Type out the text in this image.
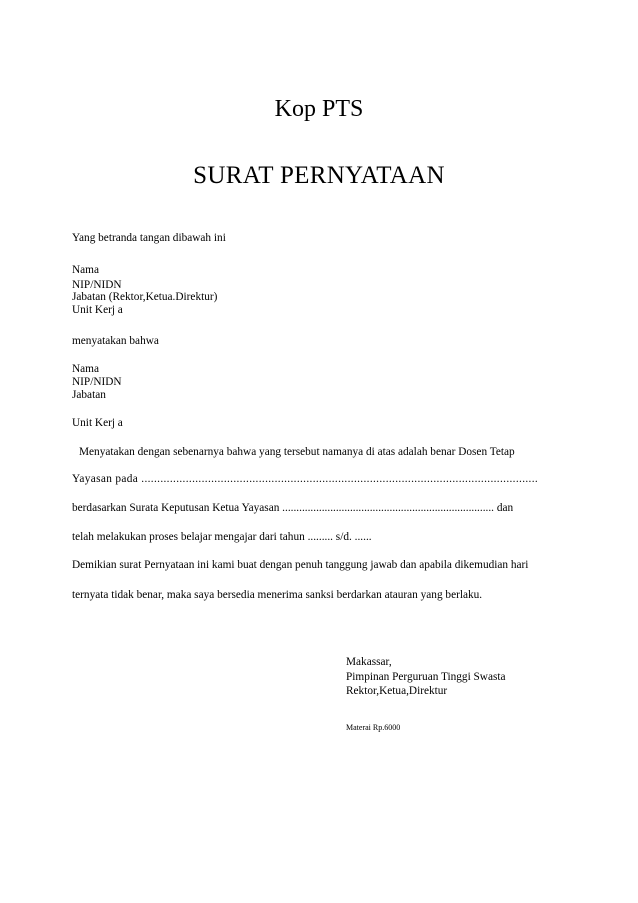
Kop PTS
SURAT PERNYATAAN
Yang betranda tangan dibawah ini
Nama
NIP/NIDN
Jabatan (Rektor,Ketua.Direktur)
Unit Kerj a
menyatakan bahwa
Nama
NIP/NIDN
Jabatan
Unit Kerj a
Menyatakan dengan sebenarnya bahwa yang tersebut namanya di atas adalah benar Dosen Tetap
Yayasan pada .............................................................................................................................
berdasarkan Surata Keputusan Ketua Yayasan ........................................................................... dan
telah melakukan proses belajar mengajar dari tahun ......... s/d. ......
Demikian surat Pernyataan ini kami buat dengan penuh tanggung jawab dan apabila dikemudian hari
ternyata tidak benar, maka saya bersedia menerima sanksi berdarkan atauran yang berlaku.
Makassar,
Pimpinan Perguruan Tinggi Swasta
Rektor,Ketua,Direktur
Materai Rp.6000
